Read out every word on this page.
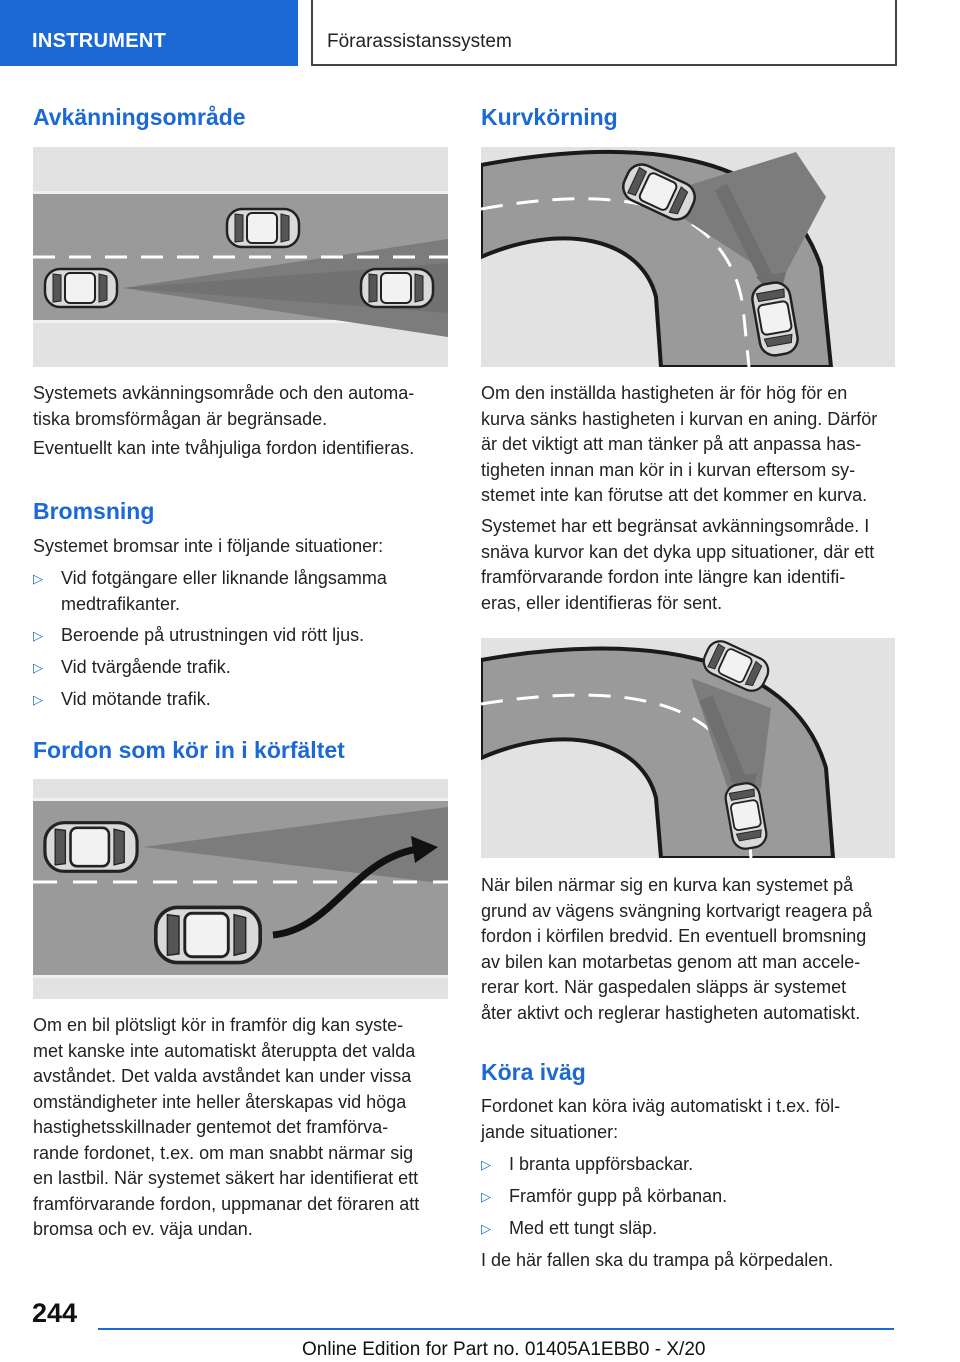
INSTRUMENT	Förarassistanssystem
Avkänningsområde
Systemets avkänningsområde och den automa-
tiska bromsförmågan är begränsade.
Eventuellt kan inte tvåhjuliga fordon identifieras.
Bromsning
Systemet bromsar inte i följande situationer:
▷ Vid fotgängare eller liknande långsamma
medtrafikanter.
▷ Beroende på utrustningen vid rött ljus.
▷ Vid tvärgående trafik.
▷ Vid mötande trafik.
Fordon som kör in i körfältet
Om en bil plötsligt kör in framför dig kan syste-
met kanske inte automatiskt återuppta det valda
avståndet. Det valda avståndet kan under vissa
omständigheter inte heller återskapas vid höga
hastighetsskillnader gentemot det framförva-
rande fordonet, t.ex. om man snabbt närmar sig
en lastbil. När systemet säkert har identifierat ett
framförvarande fordon, uppmanar det föraren att
bromsa och ev. väja undan.
Kurvkörning
Om den inställda hastigheten är för hög för en
kurva sänks hastigheten i kurvan en aning. Därför
är det viktigt att man tänker på att anpassa has-
tigheten innan man kör in i kurvan eftersom sy-
stemet inte kan förutse att det kommer en kurva.
Systemet har ett begränsat avkänningsområde. I
snäva kurvor kan det dyka upp situationer, där ett
framförvarande fordon inte längre kan identifi-
eras, eller identifieras för sent.
När bilen närmar sig en kurva kan systemet på
grund av vägens svängning kortvarigt reagera på
fordon i körfilen bredvid. En eventuell bromsning
av bilen kan motarbetas genom att man accele-
rerar kort. När gaspedalen släpps är systemet
åter aktivt och reglerar hastigheten automatiskt.
Köra iväg
Fordonet kan köra iväg automatiskt i t.ex. föl-
jande situationer:
▷ I branta uppförsbackar.
▷ Framför gupp på körbanan.
▷ Med ett tungt släp.
I de här fallen ska du trampa på körpedalen.
244
Online Edition for Part no. 01405A1EBB0 - X/20
